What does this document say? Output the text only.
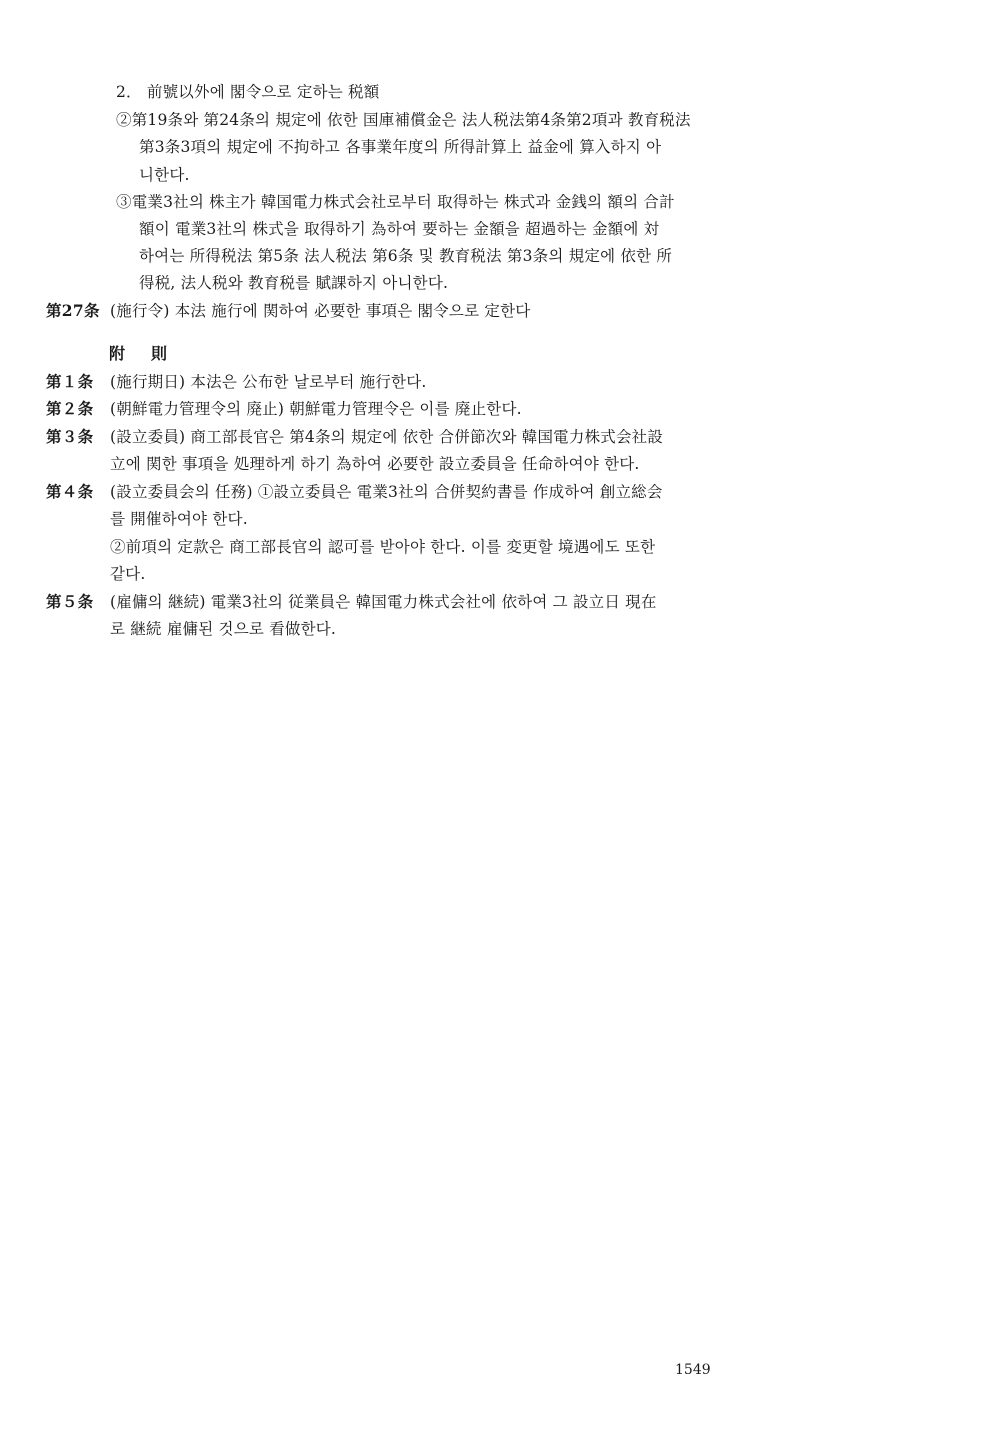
2． 前號以外에 閣令으로 定하는 税額
②第19条와 第24条의 規定에 依한 国庫補償金은 法人税法第4条第2項과 教育税法
第3条3項의 規定에 不拘하고 各事業年度의 所得計算上 益金에 算入하지 아
니한다.
③電業3社의 株主가 韓国電力株式会社로부터 取得하는 株式과 金銭의 額의 合計
額이 電業3社의 株式을 取得하기 為하여 要하는 金額을 超過하는 金額에 対
하여는 所得税法 第5条 法人税法 第6条 및 教育税法 第3条의 規定에 依한 所
得税, 法人税와 教育税를 賦課하지 아니한다.
第27条 (施行令) 本法 施行에 関하여 必要한 事項은 閣令으로 定한다
附則
第１条 (施行期日) 本法은 公布한 날로부터 施行한다.
第２条 (朝鮮電力管理令의 廃止) 朝鮮電力管理令은 이를 廃止한다.
第３条 (設立委員) 商工部長官은 第4条의 規定에 依한 合併節次와 韓国電力株式会社設
立에 関한 事項을 処理하게 하기 為하여 必要한 設立委員을 任命하여야 한다.
第４条 (設立委員会의 任務) ①設立委員은 電業3社의 合併契約書를 作成하여 創立総会
를 開催하여야 한다.
②前項의 定款은 商工部長官의 認可를 받아야 한다. 이를 変更할 境遇에도 또한
같다.
第５条 (雇傭의 継続) 電業3社의 従業員은 韓国電力株式会社에 依하여 그 設立日 現在
로 継続 雇傭된 것으로 看做한다.
1549
